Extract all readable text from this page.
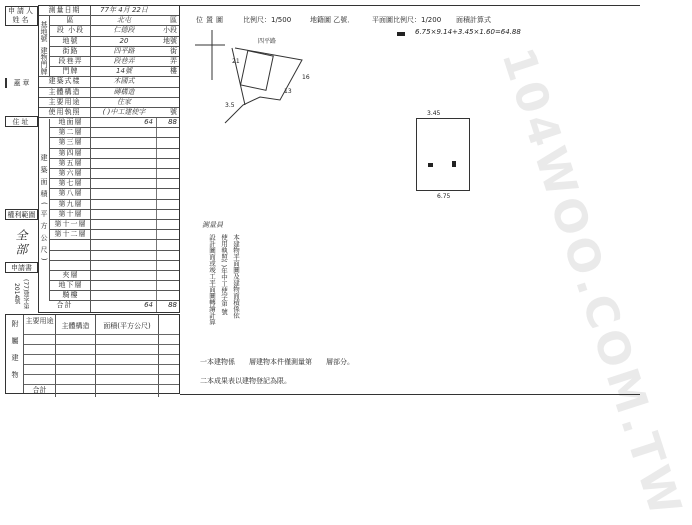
104WOO.COM.TW
申請人 姓名
蓋章
住址
權利範圍
全部
申請書
(77)建字第2014號
測量日期	77年 4月 22日
區	北屯	區
段 小段	仁德段	小段
地號	20	地號
街路	四平路	街
段巷弄	段巷弄	弄
門牌	14號	樓
建築式樣	木國式
主體構造	磚構造
主要用途	住家
使用執照	( )中工建使字	號
地面層	64	88
第二層
第三層
第四層
第五層
第六層
第七層
第八層
第九層
第十層
第十一層
第十二層
夾層
地下層
騎樓
合計	64	88
基地號
建物門牌
建築面積(平方公尺)
附屬建物 主要用途
主體構造	面積(平方公尺)
合計
位置圖 比例尺：1/500	地籍圖 乙號．	平面圖比例尺：1/200 面積計算式
6.75×9.14+3.45×1.60=64.88
四平路
21
3.5
16
13
3.45
6.75
測量員
本建物平面圖及建物面積係依
使用執照( )年中工使字第 號
設計圖面或竣工平面圖轉繪計算
一本建物係　　層建物本件僅測量第　　層部分。
二本成果表以建物登記為限。
